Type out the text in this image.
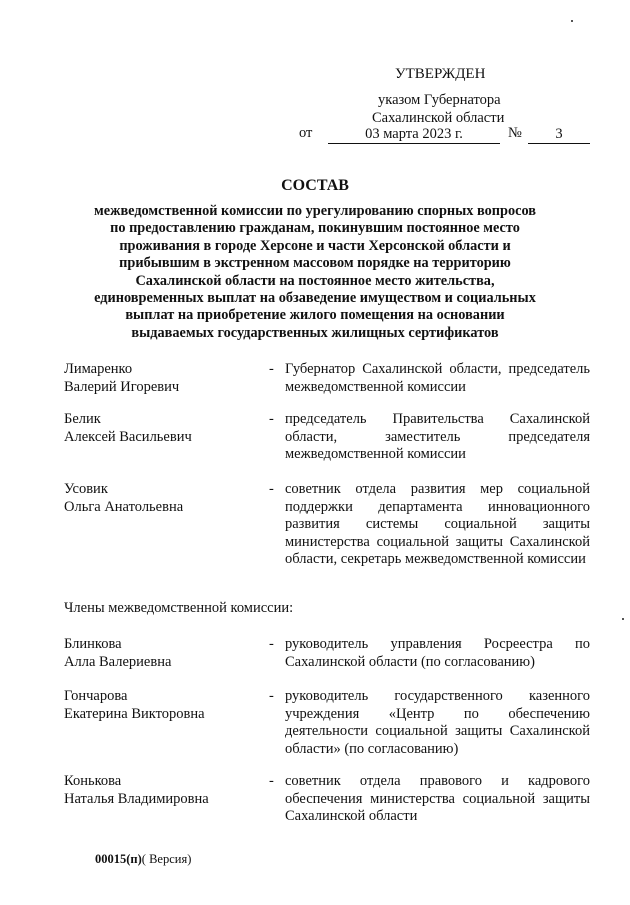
УТВЕРЖДЕН
указом Губернатора
Сахалинской области
от	03 марта 2023 г.	№	3
СОСТАВ
межведомственной комиссии по урегулированию спорных вопросов по предоставлению гражданам, покинувшим постоянное место проживания в городе Херсоне и части Херсонской области и прибывшим в экстренном массовом порядке на территорию Сахалинской области на постоянное место жительства, единовременных выплат на обзаведение имуществом и социальных выплат на приобретение жилого помещения на основании выдаваемых государственных жилищных сертификатов
Лимаренко
Валерий Игоревич
- Губернатор Сахалинской области, председатель межведомственной комиссии
Белик
Алексей Васильевич
- председатель Правительства Сахалинской области, заместитель председателя межведомственной комиссии
Усовик
Ольга Анатольевна
- советник отдела развития мер социальной поддержки департамента инновационного развития системы социальной защиты министерства социальной защиты Сахалинской области, секретарь межведомственной комиссии
Члены межведомственной комиссии:
Блинкова
Алла Валериевна
- руководитель управления Росреестра по Сахалинской области (по согласованию)
Гончарова
Екатерина Викторовна
- руководитель государственного казенного учреждения «Центр по обеспечению деятельности социальной защиты Сахалинской области» (по согласованию)
Конькова
Наталья Владимировна
- советник отдела правового и кадрового обеспечения министерства социальной защиты Сахалинской области
00015(п)( Версия)
